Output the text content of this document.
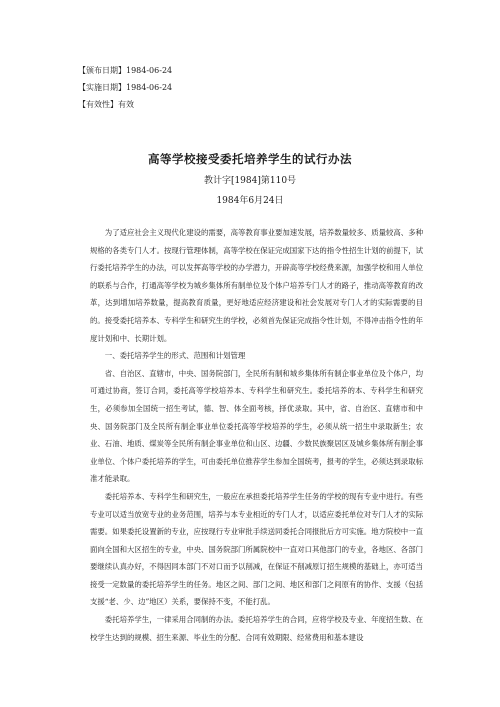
【颁布日期】1984-06-24
【实施日期】1984-06-24
【有效性】有效
高等学校接受委托培养学生的试行办法
教计字[1984]第110号
1984年6月24日

为了适应社会主义现代化建设的需要，高等教育事业要加速发展，培养数量较多、质量较高、多种规格的各类专门人才。按现行管理体制，高等学校在保证完成国家下达的指令性招生计划的前提下，试行委托培养学生的办法，可以发挥高等学校的办学潜力，开辟高等学校经费来源，加强学校和用人单位的联系与合作，打通高等学校为城乡集体所有制单位及个体户培养专门人才的路子，推动高等教育的改革，达到增加培养数量，提高教育质量，更好地适应经济建设和社会发展对专门人才的实际需要的目的。接受委托培养本、专科学生和研究生的学校，必须首先保证完成指令性计划，不得冲击指令性的年度计划和中、长期计划。

一、委托培养学生的形式、范围和计划管理

省、自治区、直辖市，中央、国务院部门，全民所有制和城乡集体所有制企事业单位及个体户，均可通过协商，签订合同，委托高等学校培养本、专科学生和研究生。委托培养的本、专科学生和研究生，必须参加全国统一招生考试，德、智、体全面考核，择优录取。其中，省、自治区、直辖市和中央、国务院部门及全民所有制企事业单位委托高等学校培养的学生，必须从统一招生中录取新生；农业、石油、地质、煤炭等全民所有制企事业单位和山区、边疆、少数民族聚居区及城乡集体所有制企事业单位、个体户委托培养的学生，可由委托单位推荐学生参加全国统考，报考的学生，必须达到录取标准才能录取。

委托培养本、专科学生和研究生，一般应在承担委托培养学生任务的学校的现有专业中进行。有些专业可以适当放宽专业的业务范围，培养与本专业相近的专门人才，以适应委托单位对专门人才的实际需要。如果委托设置新的专业，应按现行专业审批手续送同委托合同报批后方可实施。地方院校中一直面向全国和大区招生的专业，中央、国务院部门所属院校中一直对口其他部门的专业，各地区、各部门要继续认真办好，不得因同本部门不对口而予以削减，在保证不削减原订招生规模的基础上，亦可适当接受一定数量的委托培养学生的任务。地区之间、部门之间、地区和部门之间原有的协作、支援（包括支援“老、少、边”地区）关系，要保持不变，不能打乱。

委托培养学生，一律采用合同制的办法。委托培养学生的合同，应将学校及专业、年度招生数、在校学生达到的规模、招生来源、毕业生的分配、合同有效期限、经常费用和基本建设
